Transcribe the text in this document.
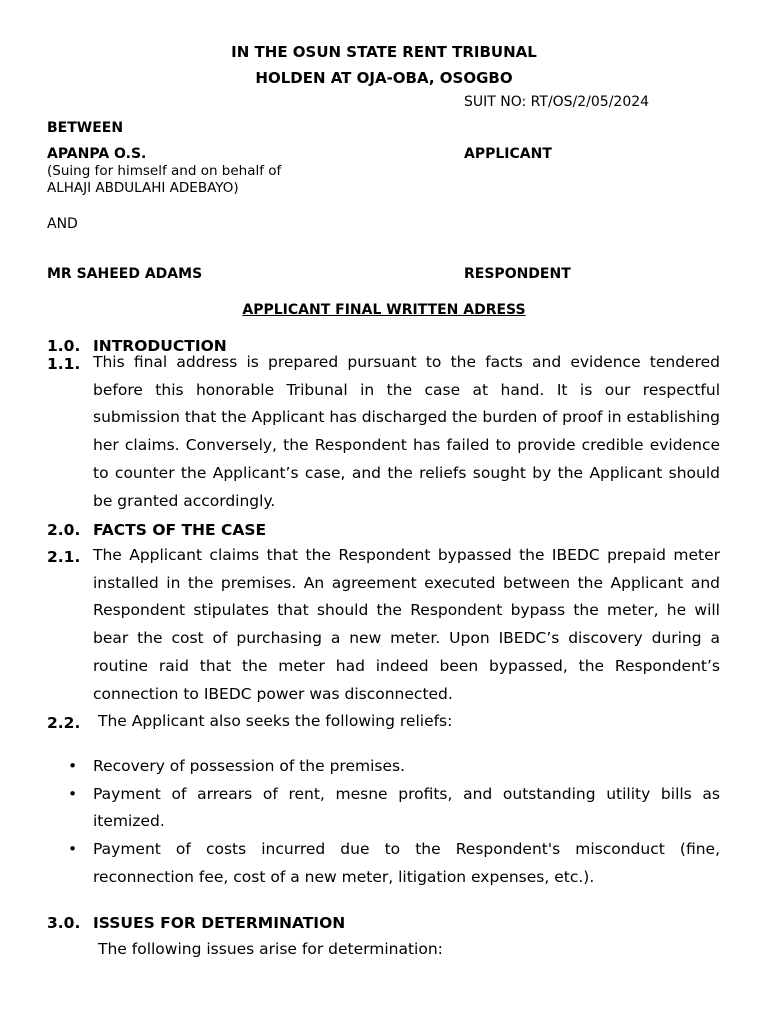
IN THE OSUN STATE RENT TRIBUNAL
HOLDEN AT OJA-OBA, OSOGBO
SUIT NO: RT/OS/2/05/2024
BETWEEN
APANPA O.S.	APPLICANT
(Suing for himself and on behalf of
ALHAJI ABDULAHI ADEBAYO)
AND
MR SAHEED ADAMS	RESPONDENT
APPLICANT FINAL WRITTEN ADRESS
1.0. INTRODUCTION
1.1. This final address is prepared pursuant to the facts and evidence tendered before this honorable Tribunal in the case at hand. It is our respectful submission that the Applicant has discharged the burden of proof in establishing her claims. Conversely, the Respondent has failed to provide credible evidence to counter the Applicant’s case, and the reliefs sought by the Applicant should be granted accordingly.
2.0. FACTS OF THE CASE
2.1. The Applicant claims that the Respondent bypassed the IBEDC prepaid meter installed in the premises. An agreement executed between the Applicant and Respondent stipulates that should the Respondent bypass the meter, he will bear the cost of purchasing a new meter. Upon IBEDC’s discovery during a routine raid that the meter had indeed been bypassed, the Respondent’s connection to IBEDC power was disconnected.
2.2. The Applicant also seeks the following reliefs:
• Recovery of possession of the premises.
• Payment of arrears of rent, mesne profits, and outstanding utility bills as itemized.
• Payment of costs incurred due to the Respondent's misconduct (fine, reconnection fee, cost of a new meter, litigation expenses, etc.).
3.0. ISSUES FOR DETERMINATION
The following issues arise for determination:
